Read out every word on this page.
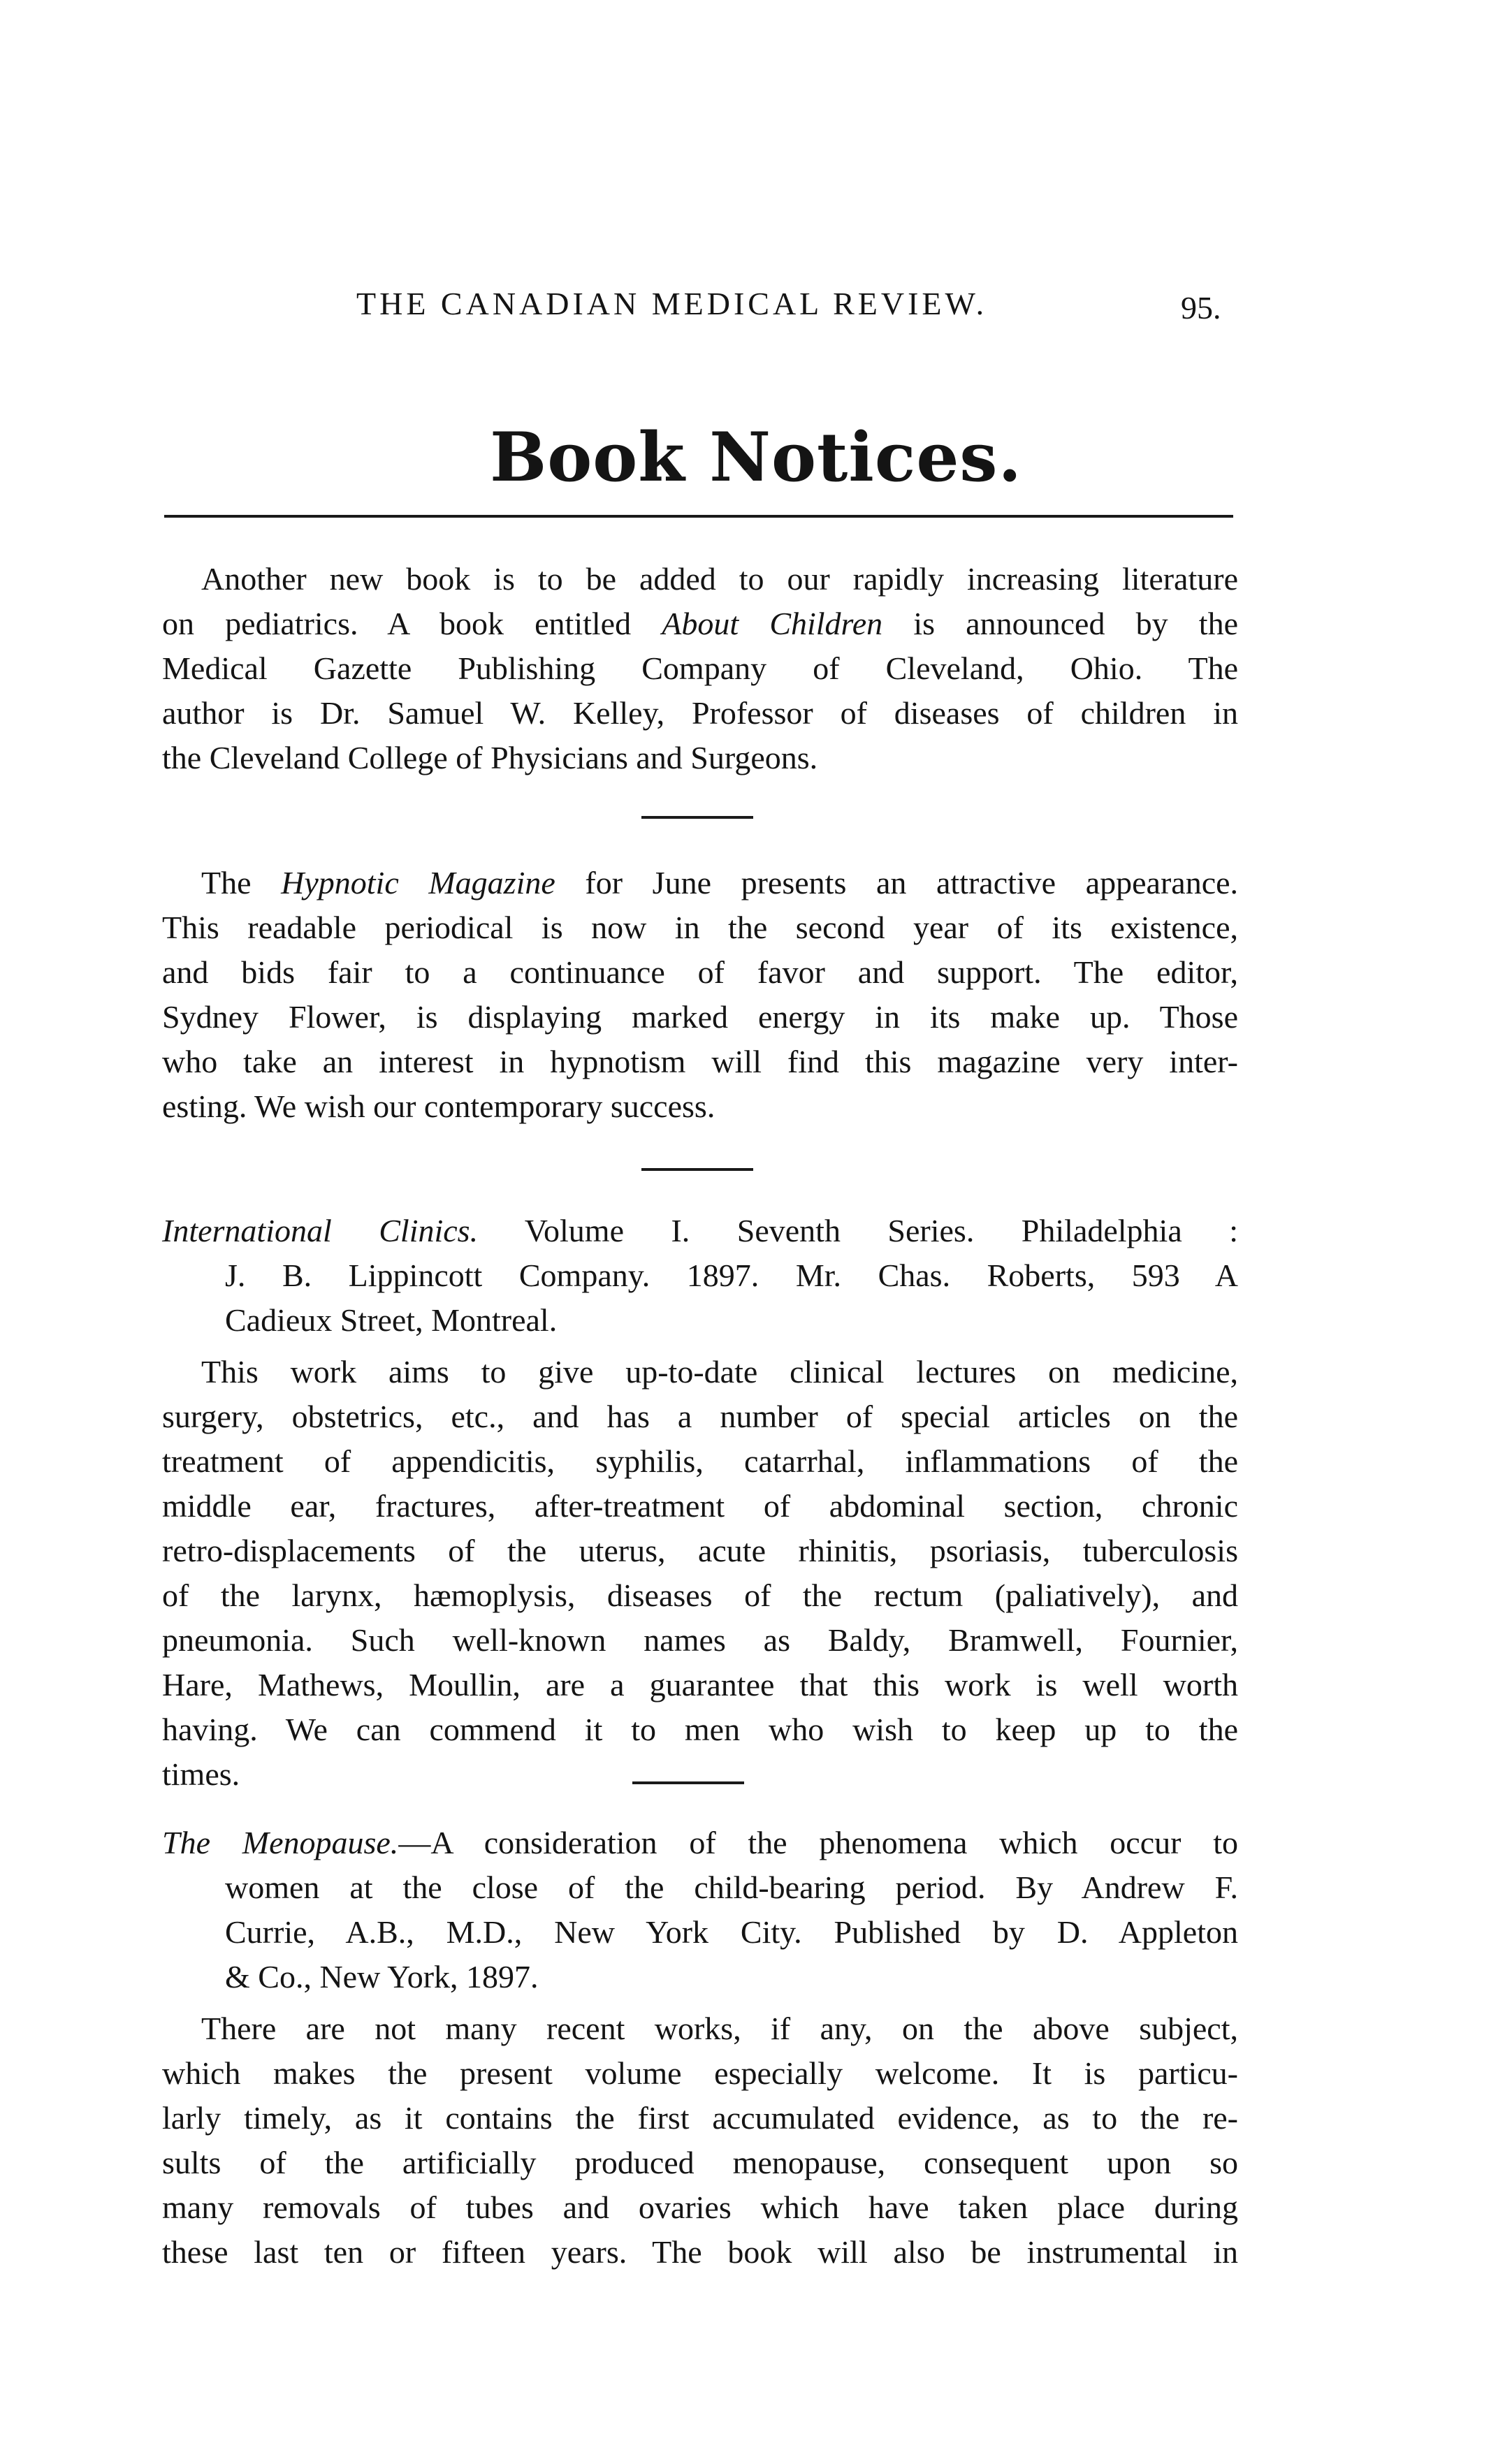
THE CANADIAN MEDICAL REVIEW.	95.
Book Notices.
Another new book is to be added to our rapidly increasing literature
on pediatrics. A book entitled About Children is announced by the
Medical Gazette Publishing Company of Cleveland, Ohio. The
author is Dr. Samuel W. Kelley, Professor of diseases of children in
the Cleveland College of Physicians and Surgeons.
The Hypnotic Magazine for June presents an attractive appearance.
This readable periodical is now in the second year of its existence,
and bids fair to a continuance of favor and support. The editor,
Sydney Flower, is displaying marked energy in its make up. Those
who take an interest in hypnotism will find this magazine very inter-
esting. We wish our contemporary success.
International Clinics. Volume I. Seventh Series. Philadelphia :
J. B. Lippincott Company. 1897. Mr. Chas. Roberts, 593 A
Cadieux Street, Montreal.
This work aims to give up-to-date clinical lectures on medicine,
surgery, obstetrics, etc., and has a number of special articles on the
treatment of appendicitis, syphilis, catarrhal, inflammations of the
middle ear, fractures, after-treatment of abdominal section, chronic
retro-displacements of the uterus, acute rhinitis, psoriasis, tuberculosis
of the larynx, hæmoplysis, diseases of the rectum (paliatively), and
pneumonia. Such well-known names as Baldy, Bramwell, Fournier,
Hare, Mathews, Moullin, are a guarantee that this work is well worth
having. We can commend it to men who wish to keep up to the
times.
The Menopause.—A consideration of the phenomena which occur to
women at the close of the child-bearing period. By Andrew F.
Currie, A.B., M.D., New York City. Published by D. Appleton
& Co., New York, 1897.
There are not many recent works, if any, on the above subject,
which makes the present volume especially welcome. It is particu-
larly timely, as it contains the first accumulated evidence, as to the re-
sults of the artificially produced menopause, consequent upon so
many removals of tubes and ovaries which have taken place during
these last ten or fifteen years. The book will also be instrumental in
